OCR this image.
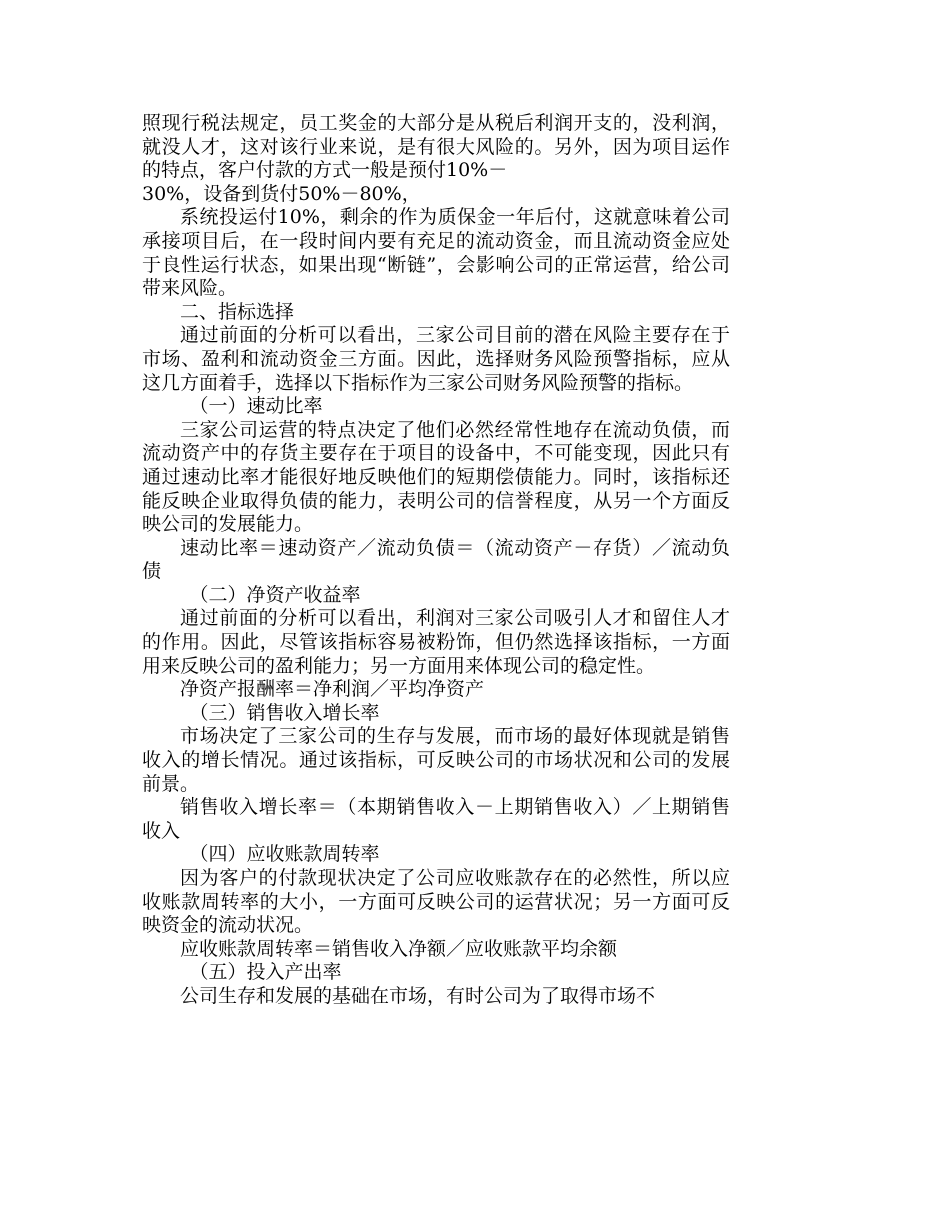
照现行税法规定，员工奖金的大部分是从税后利润开支的，没利润，就没人才，这对该行业来说，是有很大风险的。另外，因为项目运作的特点，客户付款的方式一般是预付10%－

30%，设备到货付50%－80%，

系统投运付10%，剩余的作为质保金一年后付，这就意味着公司承接项目后，在一段时间内要有充足的流动资金，而且流动资金应处于良性运行状态，如果出现“断链”，会影响公司的正常运营，给公司带来风险。

二、指标选择

通过前面的分析可以看出，三家公司目前的潜在风险主要存在于市场、盈利和流动资金三方面。因此，选择财务风险预警指标，应从这几方面着手，选择以下指标作为三家公司财务风险预警的指标。

（一）速动比率

三家公司运营的特点决定了他们必然经常性地存在流动负债，而流动资产中的存货主要存在于项目的设备中，不可能变现，因此只有通过速动比率才能很好地反映他们的短期偿债能力。同时，该指标还能反映企业取得负债的能力，表明公司的信誉程度，从另一个方面反映公司的发展能力。

速动比率＝速动资产／流动负债＝（流动资产－存货）／流动负债

（二）净资产收益率

通过前面的分析可以看出，利润对三家公司吸引人才和留住人才的作用。因此，尽管该指标容易被粉饰，但仍然选择该指标，一方面用来反映公司的盈利能力；另一方面用来体现公司的稳定性。

净资产报酬率＝净利润／平均净资产

（三）销售收入增长率

市场决定了三家公司的生存与发展，而市场的最好体现就是销售收入的增长情况。通过该指标，可反映公司的市场状况和公司的发展前景。

销售收入增长率＝（本期销售收入－上期销售收入）／上期销售收入

（四）应收账款周转率

因为客户的付款现状决定了公司应收账款存在的必然性，所以应收账款周转率的大小，一方面可反映公司的运营状况；另一方面可反映资金的流动状况。

应收账款周转率＝销售收入净额／应收账款平均余额

（五）投入产出率

公司生存和发展的基础在市场，有时公司为了取得市场不
